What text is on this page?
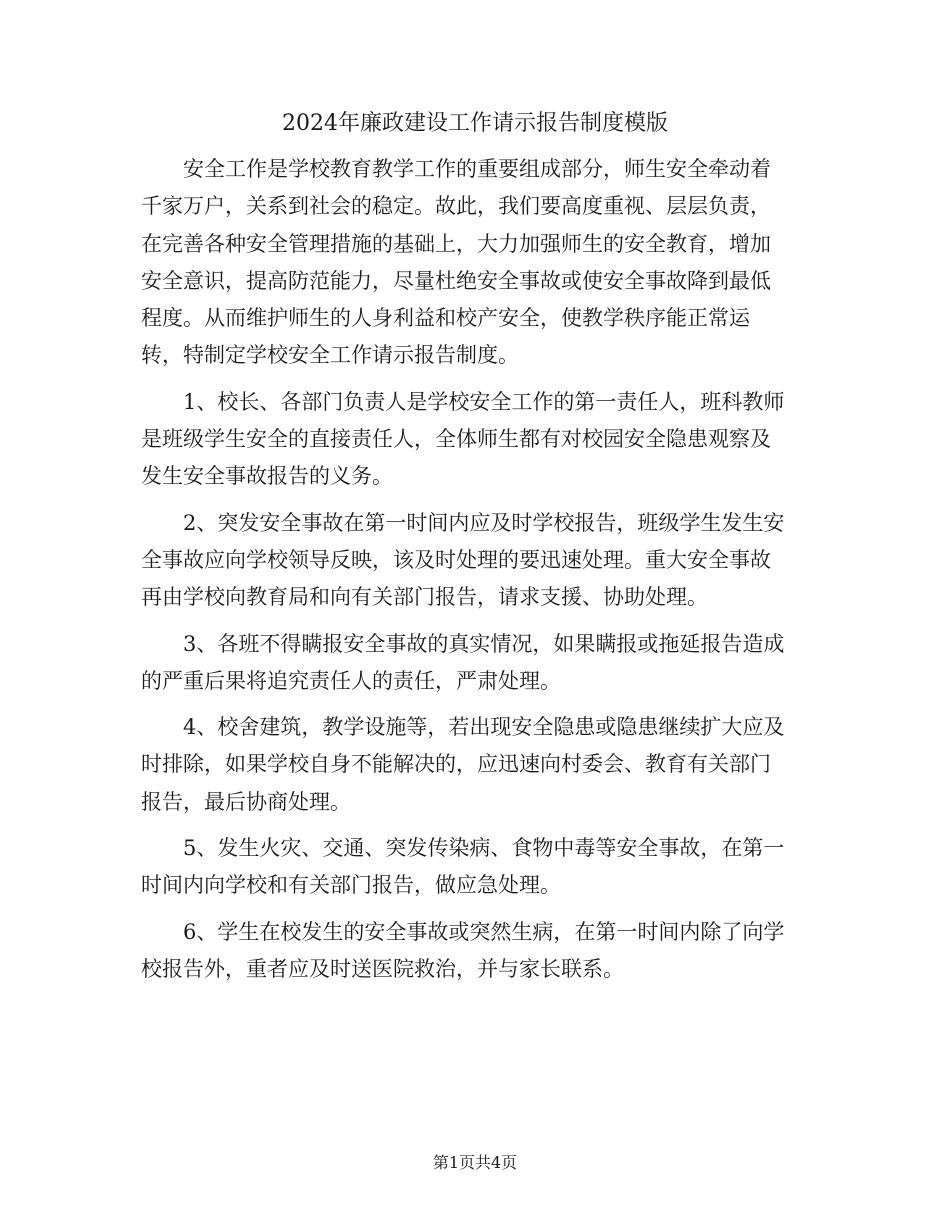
2024年廉政建设工作请示报告制度模版

安全工作是学校教育教学工作的重要组成部分，师生安全牵动着
千家万户，关系到社会的稳定。故此，我们要高度重视、层层负责，
在完善各种安全管理措施的基础上，大力加强师生的安全教育，增加
安全意识，提高防范能力，尽量杜绝安全事故或使安全事故降到最低
程度。从而维护师生的人身利益和校产安全，使教学秩序能正常运
转，特制定学校安全工作请示报告制度。

1、校长、各部门负责人是学校安全工作的第一责任人，班科教师
是班级学生安全的直接责任人，全体师生都有对校园安全隐患观察及
发生安全事故报告的义务。

2、突发安全事故在第一时间内应及时学校报告，班级学生发生安
全事故应向学校领导反映，该及时处理的要迅速处理。重大安全事故
再由学校向教育局和向有关部门报告，请求支援、协助处理。

3、各班不得瞒报安全事故的真实情况，如果瞒报或拖延报告造成
的严重后果将追究责任人的责任，严肃处理。

4、校舍建筑，教学设施等，若出现安全隐患或隐患继续扩大应及
时排除，如果学校自身不能解决的，应迅速向村委会、教育有关部门
报告，最后协商处理。

5、发生火灾、交通、突发传染病、食物中毒等安全事故，在第一
时间内向学校和有关部门报告，做应急处理。

6、学生在校发生的安全事故或突然生病，在第一时间内除了向学
校报告外，重者应及时送医院救治，并与家长联系。

第1页共4页
